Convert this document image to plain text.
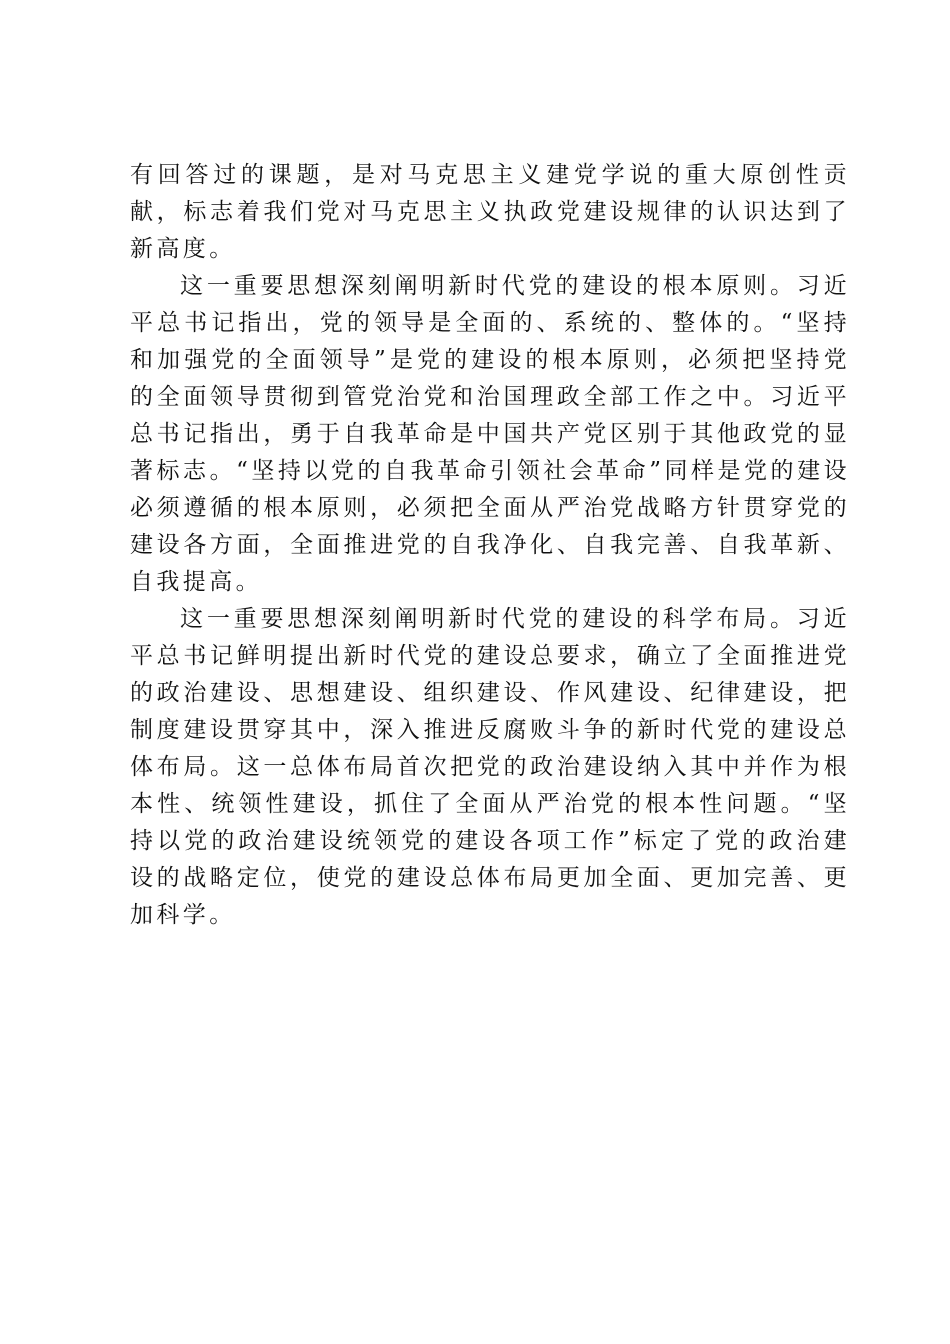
有回答过的课题，是对马克思主义建党学说的重大原创性贡献，标志着我们党对马克思主义执政党建设规律的认识达到了新高度。

这一重要思想深刻阐明新时代党的建设的根本原则。习近平总书记指出，党的领导是全面的、系统的、整体的。“坚持和加强党的全面领导”是党的建设的根本原则，必须把坚持党的全面领导贯彻到管党治党和治国理政全部工作之中。习近平总书记指出，勇于自我革命是中国共产党区别于其他政党的显著标志。“坚持以党的自我革命引领社会革命”同样是党的建设必须遵循的根本原则，必须把全面从严治党战略方针贯穿党的建设各方面，全面推进党的自我净化、自我完善、自我革新、自我提高。

这一重要思想深刻阐明新时代党的建设的科学布局。习近平总书记鲜明提出新时代党的建设总要求，确立了全面推进党的政治建设、思想建设、组织建设、作风建设、纪律建设，把制度建设贯穿其中，深入推进反腐败斗争的新时代党的建设总体布局。这一总体布局首次把党的政治建设纳入其中并作为根本性、统领性建设，抓住了全面从严治党的根本性问题。“坚持以党的政治建设统领党的建设各项工作”标定了党的政治建设的战略定位，使党的建设总体布局更加全面、更加完善、更加科学。
